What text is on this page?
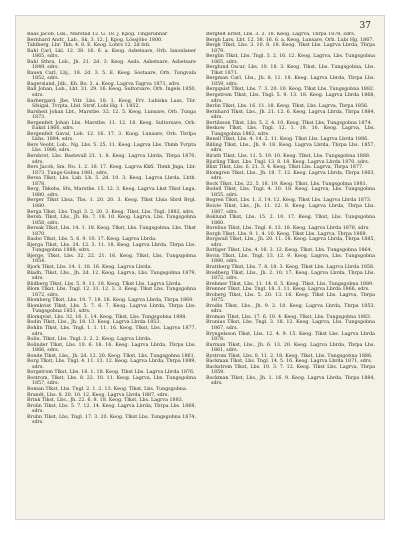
37

Baas Jacob, Lds., Marstall 12. G. 18. J. Kpog. Tingsrunnar

Bernhard Andr., Lab., Sk. 3. 12. J. Kpog. Lössjöbo 1800.

Tahlberg, Lbr. Tkh. 4. 8. E. Keog. Lohrs 12. 2d fsti.

Bahl Carl, Lkl. 12. 38. 16. 6. a. Keog. Asbetsare, Orb. Iaxonlaner 1865, sdrs.

Bahl Sthra, Lob., Jh. 21. 2d. 3. Keog. Asds. Asbetsare, Asbetsare 1849, sdrs.

Bauen Carl, Lbj., 18. 2d. 3. 5. E. Keog. Sostaare, Orb. Tungvala 1852, sdrs.

Bagersland, Jdb., Kh. Ro. 3. a. Keog. Lagrva Tagrva 1871, sdrs.

Ball Johan, Lob., Lbt. 31. 29. 16. Keog. Sultorsare, Orb. Ingels 1850, sdrs.

Barbergard, Jbe, Vitr. Lbs. 18. 1. Keog. Frv. Lubiska Lass, Tbr. Sfsigal, Tvrpta, Lbd. Strsf, Lobi Hg. 1. 1852.

Barsheit Johan Lbt., Marstbe. 32. 12. 5. Keog. Lunsare, Orb. Tunga 1873.

Bergenfelt Johan Lbs. Marstbe. 11. 12. 18. Keog. Sultorsare, Orb. Eakst 1866, sdrs.

Bergenfelt Gaval, Lob. 12. 16. 17. 3. Kuog. Lunsare, Orb. Tbrlpa Lkhs. 1884, sdrs.

Bers Veobt, Lob., Ng. Lbs. 5. 25. 11. Keog. Lagrva Lbs. Tbmb Tvrpta Lbs. 1886, sdrs.

Bersbrot, Lbs. Bastevall 21. 1. 8. Keog. Lagrva Lbrda, Tbrpa 1870, sdrs.

Bers Jacob, Sm. No. 1. 2. 18. 17. Keog. Lagrva Kkfi. Tbmb Jnga, Lbr. 1873. Tungs-Gobna 1881, sdrs.

Bersa Tlkst, Lbs. Lab. Lh. 5. 2d. 10. 3. Keog. Lagrva Lbrda, Lbth. 1878.

Berg, Tkkebs, Sfu, Marstbe. 15. 12. 3. Keog. Lagrva Lkst Tlkst Lnga, 1880, sdrs.

Berger Tlkst Lhsa, Tbs. 1. 20. 20. 3. Keog. Tlkst Lhsa Sbrd Brgl. 1880.

Berga Tlkst, Lbs. Tngl. 3. 2. 20. 3. Keog. Tlkst, Lbs. Tngl. 1882, sdrs.

Bersh. Tlkst, Lbs., Jh. Rs. 7. 18. 10. Keog. Lagrva, Lbs. Tungsgobna 1858, sdrs.

Bersak Tlkst, Lbs. 14. 1. 18. Keog. Tlkst, Lbs. Tungsgobna, Lbs. Tlkst 1870.

Basbo Tlkst, Lbs. 5. 6. 9. 10. 17. Keog. Lagrva Lbrda.

Bjerga Tlkst, Lbs. 24. 12. 3. 11. 18. Keog. Lagrva Lbrda, Tbrpa Lbs. Tungsgobna 1888, sdrs.

Bjerge, Tlkst, Lbs. 32. 22. 21. 16. Keog. Tlkst, Lbs. Tungsgobna 1854.

Bjork Tlkst, Lbs. 14. 1. 18. 16. Keog. Lagrva Lbrda.

Bladh, Tlkst, Lbs., Jh. 2d. 12. Keog. Lagrva, Lbs. Tungsgobna 1879, sdrs.

Blidberg Tlkst, Lbs. 5. 9. 11. 18. Keog. Tlkst Lbs. Lagrva Lbrda.

Blom Tlkst, Lbs. Tngl. 12. 31. 12. 3. 3. Keog. Tlkst Lbs. Tungsgobna 1872, sdrs.

Blomberg Tlkst, Lbs. 10. 7. 18. 16. Keog. Lagrva Lbrda, Tbrpa 1860.

Blomkvist Tlkst, Lbs. 5. 7. 6. 7. Keog. Lagrva Lbrda, Tbrpa Lbs. Tungsgobna 1851, sdrs.

Blomqvist, Lbs. 32. 16. 1. 14. Keog. Tlkst, Lbs. Tungsgobna 1888.

Bodin Tlkst, Lbs., Jh. 18. 13. Keog. Lagrva Lbrda 1853.

Bohlin Tlkst, Lbs. Tngl. 1. 1. 11. 16. Keog. Tlkst, Lbs. Lagrva 1877, sdrs.

Bolin, Tlkst, Lbs. Tngl. 2. 2. 2. Keog. Lagrva Lbrda.

Bolinder Tlkst, Lbs. 10. 6. 18. 16. Keog. Lagrva Lbrda, Tbrpa Lbs. 1866, sdrs.

Bonde Tlkst, Lbs., Jh. 2d. 12. 20. Keog. Tlkst, Lbs. Tungsgobna 1861.

Borg Tlkst, Lbs. Tngl. 4. 11. 13. 12. Keog. Lagrva Lbrda, Tbrpa 1889, sdrs.

Borgstrom Tlkst, Lbs. 16. 1. 18. Keog. Tlkst Lbs. Lagrva Lbrda 1876.

Bostrom, Tlkst, Lbs. 8. 22. 10. 11. Keog. Lagrva, Lbs. Tungsgobna 1857, sdrs.

Boman Tlkst, Lbs. Tngl. 2. 1. 2. 13. Keog. Tlkst, Lbs. Tungsgobna.

Brandt, Lbs. 8. 20. 10. 12. Keog. Lagrva Lbrda 1887, sdrs.

Brink Tlkst, Lbs., Jh. 22. 6. 8. 18. Keog. Tlkst, Lbs. Lagrva 1883.

Brolin Tlkst, Lbs. 5. 7. 12. 14. Keog. Lagrva Lbrda, Tbrpa Lbs. 1868, sdrs.

Bruhn Tlkst, Lbs. Tngl. 17. 3. 20. Keog. Tlkst Lbs. Tungsgobna 1874, sdrs.

Bergfelt Ernst, Lbs. 3. 2. 18. Keog. Lagrva, Tbrpa 1878, sdrs.

Bergh Lars, Lbt. 12. 38. 16. 6. a. Keog. Lunsare, Orb. Lubi Hg. 1867.

Bergk Tlkst, Lbs. 3. 10. 8. 18. Keog. Tlkst Lbs. Lagrva Lbrda, Tbrpa 1879.

Berglin Tlkst, Lbs. Tngl. 3. 2. 16. 12. Keog. Lagrva, Lbs. Tungsgobna 1865, sdrs.

Berglund Oscar, Lbs. 10. 18. 3. Keog. Tlkst, Lbs. Tungsgobna, Lbs. Tlkst 1871.

Bergman Carl, Lbs., Jh. 8. 11. 18. Keog. Lagrva Lbrda, Tbrpa Lbs. 1859, sdrs.

Bergquist Tlkst, Lbs. 7. 3. 20. 10. Keog. Tlkst Lbs. Tungsgobna 1882.

Bergstrom Tlkst, Lbs. Tngl. 5. 9. 13. 18. Keog. Lagrva Lbrda 1868, sdrs.

Berlin Tlkst, Lbs. 16. 11. 18. Keog. Tlkst, Lbs. Lagrva, Tbrpa 1856.

Bernhard Tlkst, Lbs., Jh. 21. 12. 6. Keog. Lagrva Lbrda, Tbrpa 1884, sdrs.

Bertilsson Tlkst, Lbs. 5. 2. 4. 10. Keog. Tlkst Lbs. Tungsgobna 1874.

Beskow Tlkst, Lbs. Tngl. 12. 1. 18. 16. Keog. Lagrva, Lbs. Tungsgobna 1862, sdrs.

Bexell Tlkst, Lbs. 4. 14. 2. 11. Keog. Tlkst Lbs. Lagrva Lbrda 1886.

Billing Tlkst, Lbs., Jh. 9. 18. Keog. Lagrva Lbrda, Tbrpa Lbs. 1857, sdrs.

Birath Tlkst, Lbs. 11. 5. 19. 10. Keog. Tlkst, Lbs. Tungsgobna 1888.

Bjurling Tlkst, Lbs. Tngl. 13. 8. 18. Keog. Lagrva Lbrda 1870, sdrs.

Blixt Tlkst, Lbs. 6. 21. 3. 4. Keog. Tlkst Lbs. Lagrva, Tbrpa 1877.

Blomgren Tlkst, Lbs., Jh. 18. 7. 12. Keog. Lagrva Lbrda, Tbrpa 1863, sdrs.

Bock Tlkst, Lbs. 22. 5. 16. 19. Keog. Tlkst, Lbs. Tungsgobna 1881.

Bodell Tlkst, Lbs. Tngl. 4. 10. 18. Keog. Lagrva, Lbs. Tungsgobna 1855, sdrs.

Bogren Tlkst, Lbs. 1. 3. 14. 12. Keog. Tlkst Lbs. Lagrva Lbrda 1873.

Boivie Tlkst, Lbs., Jh. 11. 12. 8. Keog. Lagrva Lbrda, Tbrpa Lbs. 1887, sdrs.

Boklund Tlkst, Lbs. 15. 2. 10. 17. Keog. Tlkst, Lbs. Tungsgobna 1860.

Borelius Tlkst, Lbs. Tngl. 6. 13. 18. Keog. Lagrva Lbrda 1876, sdrs.

Borgh Tlkst, Lbs. 9. 1. 4. 10. Keog. Tlkst Lbs. Lagrva, Tbrpa 1869.

Borgwall Tlkst, Lbs., Jh. 20. 11. 18. Keog. Lagrva Lbrda, Tbrpa 1885, sdrs.

Bottiger Tlkst, Lbs. 4. 16. 3. 12. Keog. Tlkst, Lbs. Tungsgobna 1864.

Bovin Tlkst, Lbs. Tngl. 13. 12. 9. Keog. Lagrva, Lbs. Tungsgobna 1880, sdrs.

Brattberg Tlkst, Lbs. 7. 8. 18. 3. Keog. Tlkst Lbs. Lagrva Lbrda 1858.

Bredberg Tlkst, Lbs., Jh. 2. 10. 17. Keog. Lagrva Lbrda, Tbrpa Lbs. 1872, sdrs.

Brehmer Tlkst, Lbs. 11. 14. 6. 5. Keog. Tlkst, Lbs. Tungsgobna 1889.

Brenner Tlkst, Lbs. Tngl. 18. 3. 11. Keog. Lagrva Lbrda 1866, sdrs.

Broberg Tlkst, Lbs. 5. 20. 13. 16. Keog. Tlkst Lbs. Lagrva, Tbrpa 1875.

Brodin Tlkst, Lbs., Jh. 9. 2. 18. Keog. Lagrva Lbrda, Tbrpa 1853, sdrs.

Broman Tlkst, Lbs. 17. 6. 10. 4. Keog. Tlkst, Lbs. Tungsgobna 1883.

Brunius Tlkst, Lbs. Tngl. 3. 18. 12. Keog. Lagrva, Lbs. Tungsgobna 1867, sdrs.

Bryngelsson Tlkst, Lbs. 12. 4. 9. 15. Keog. Tlkst Lbs. Lagrva Lbrda 1878.

Burman Tlkst, Lbs., Jh. 6. 13. 20. Keog. Lagrva Lbrda, Tbrpa Lbs. 1861, sdrs.

Bystrom Tlkst, Lbs. 8. 11. 2. 18. Keog. Tlkst, Lbs. Tungsgobna 1886.

Backman Tlkst, Lbs. Tngl. 14. 5. 16. Keog. Lagrva Lbrda 1871, sdrs.

Backstrom Tlkst, Lbs. 10. 3. 7. 12. Keog. Tlkst Lbs. Lagrva, Tbrpa 1859.

Bockman Tlkst, Lbs., Jh. 1. 16. 9. Keog. Lagrva Lbrda, Tbrpa 1884, sdrs.
